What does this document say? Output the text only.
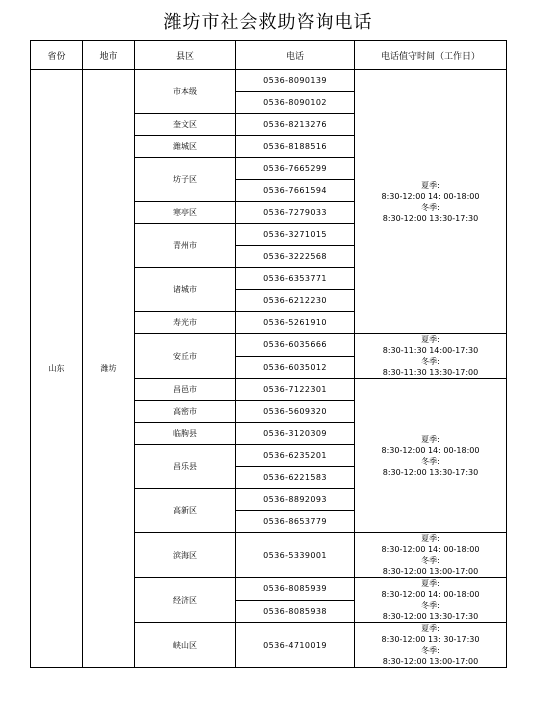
潍坊市社会救助咨询电话
省份	地市	县区	电话	电话值守时间（工作日）
山东	潍坊	市本级	0536-8090139	夏季:
8:30-12:00 14: 00-18:00
冬季:
8:30-12:00 13:30-17:30
			0536-8090102	
		奎文区	0536-8213276	
		潍城区	0536-8188516	
		坊子区	0536-7665299	
			0536-7661594	
		寒亭区	0536-7279033	
		青州市	0536-3271015	
			0536-3222568	
		诸城市	0536-6353771	
			0536-6212230	
		寿光市	0536-5261910	
		安丘市	0536-6035666	夏季:
8:30-11:30 14:00-17:30
冬季:
8:30-11:30 13:30-17:00
			0536-6035012	
		昌邑市	0536-7122301	夏季:
8:30-12:00 14: 00-18:00
冬季:
8:30-12:00 13:30-17:30
		高密市	0536-5609320	
		临朐县	0536-3120309	
		昌乐县	0536-6235201	
			0536-6221583	
		高新区	0536-8892093	
			0536-8653779	
		滨海区	0536-5339001	夏季:
8:30-12:00 14: 00-18:00
冬季:
8:30-12:00 13:00-17:00

		经济区	0536-8085939	夏季:
8:30-12:00 14: 00-18:00
冬季:
8:30-12:00 13:30-17:30
			0536-8085938	
		峡山区	0536-4710019	夏季:
8:30-12:00 13: 30-17:30
冬季:
8:30-12:00 13:00-17:00
